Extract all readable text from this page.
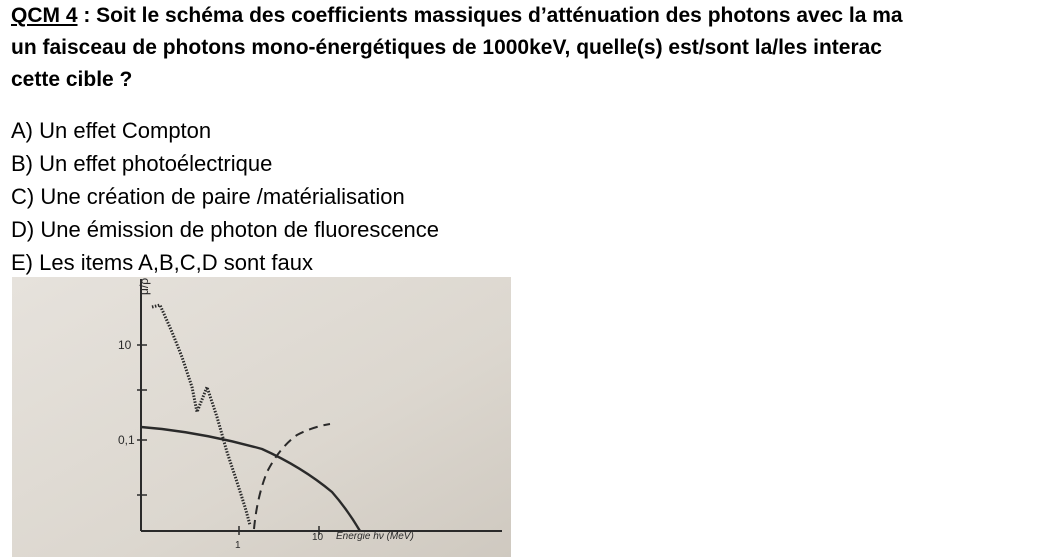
QCM 4 : Soit le schéma des coefficients massiques d’atténuation des photons avec la ma
un faisceau de photons mono-énergétiques de 1000keV, quelle(s) est/sont la/les interac
cette cible ?
A) Un effet Compton
B) Un effet photoélectrique
C) Une création de paire /matérialisation
D) Une émission de photon de fluorescence
E) Les items A,B,C,D sont faux
μ/ρ
10
0,1
1
10 Énergie hν (MeV)
